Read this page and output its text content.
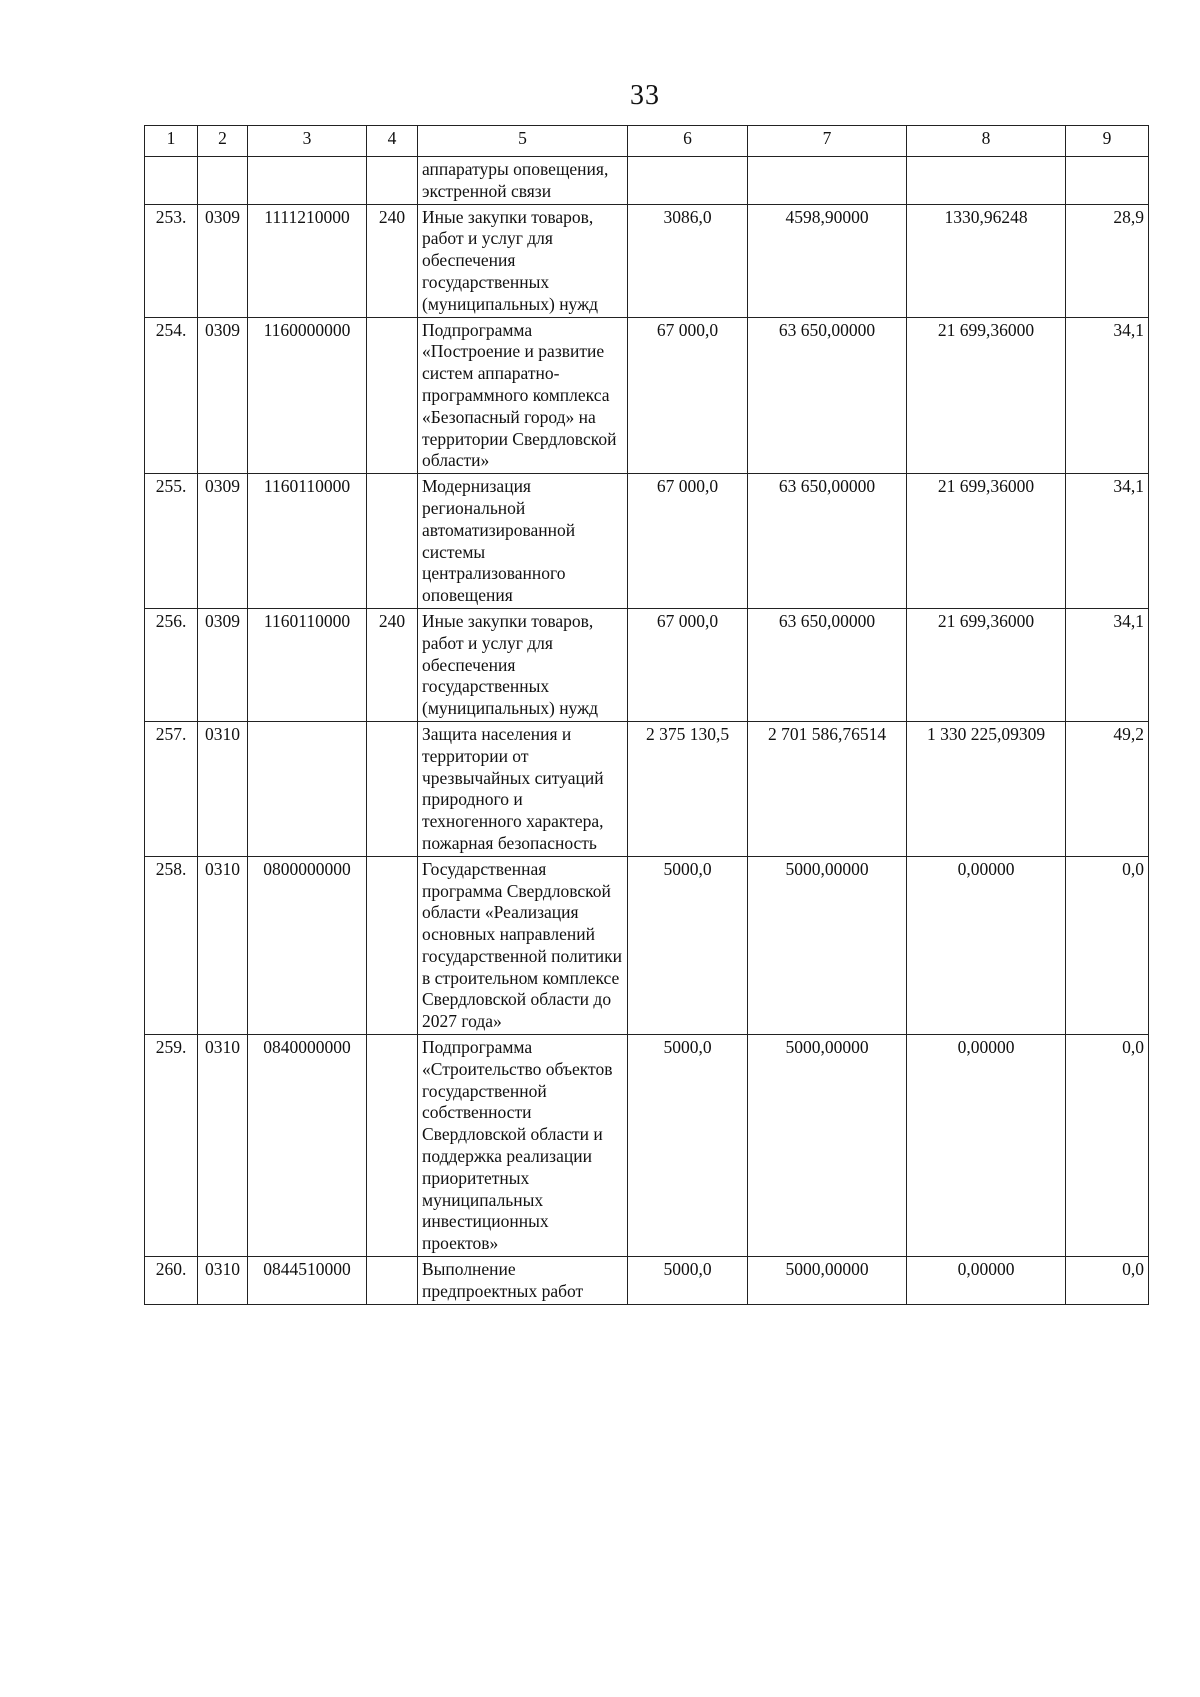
33
1	2	3	4	5	6	7	8	9
				аппаратуры оповещения, экстренной связи				
253.	0309	1111210000	240	Иные закупки товаров, работ и услуг для обеспечения государственных (муниципальных) нужд	3086,0	4598,90000	1330,96248	28,9
254.	0309	1160000000		Подпрограмма «Построение и развитие систем аппаратно-программного комплекса «Безопасный город» на территории Свердловской области»	67 000,0	63 650,00000	21 699,36000	34,1
255.	0309	1160110000		Модернизация региональной автоматизированной системы централизованного оповещения	67 000,0	63 650,00000	21 699,36000	34,1
256.	0309	1160110000	240	Иные закупки товаров, работ и услуг для обеспечения государственных (муниципальных) нужд	67 000,0	63 650,00000	21 699,36000	34,1
257.	0310			Защита населения и территории от чрезвычайных ситуаций природного и техногенного характера, пожарная безопасность	2 375 130,5	2 701 586,76514	1 330 225,09309	49,2
258.	0310	0800000000		Государственная программа Свердловской области «Реализация основных направлений государственной политики в строительном комплексе Свердловской области до 2027 года»	5000,0	5000,00000	0,00000	0,0
259.	0310	0840000000		Подпрограмма «Строительство объектов государственной собственности Свердловской области и поддержка реализации приоритетных муниципальных инвестиционных проектов»	5000,0	5000,00000	0,00000	0,0
260.	0310	0844510000		Выполнение предпроектных работ	5000,0	5000,00000	0,00000	0,0
